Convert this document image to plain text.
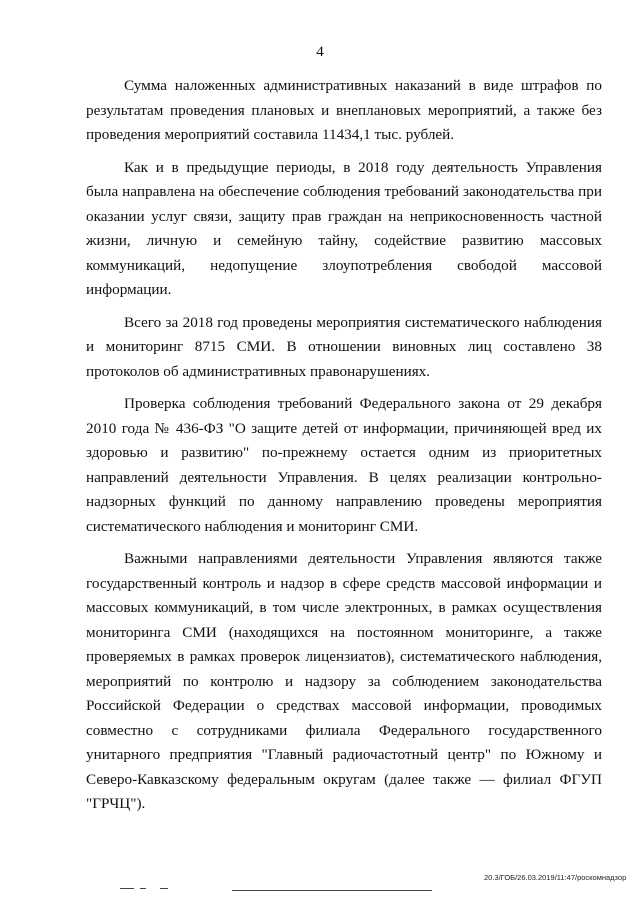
4

Сумма наложенных административных наказаний в виде штрафов по результатам проведения плановых и внеплановых мероприятий, а также без проведения мероприятий составила 11434,1 тыс. рублей.

Как и в предыдущие периоды, в 2018 году деятельность Управления была направлена на обеспечение соблюдения требований законодательства при оказании услуг связи, защиту прав граждан на неприкосновенность частной жизни, личную и семейную тайну, содействие развитию массовых коммуникаций, недопущение злоупотребления свободой массовой информации.

Всего за 2018 год проведены мероприятия систематического наблюдения и мониторинг 8715 СМИ. В отношении виновных лиц составлено 38 протоколов об административных правонарушениях.

Проверка соблюдения требований Федерального закона от 29 декабря 2010 года № 436-ФЗ "О защите детей от информации, причиняющей вред их здоровью и развитию" по-прежнему остается одним из приоритетных направлений деятельности Управления. В целях реализации контрольно-надзорных функций по данному направлению проведены мероприятия систематического наблюдения и мониторинг СМИ.

Важными направлениями деятельности Управления являются также государственный контроль и надзор в сфере средств массовой информации и массовых коммуникаций, в том числе электронных, в рамках осуществления мониторинга СМИ (находящихся на постоянном мониторинге, а также проверяемых в рамках проверок лицензиатов), систематического наблюдения, мероприятий по контролю и надзору за соблюдением законодательства Российской Федерации о средствах массовой информации, проводимых совместно с сотрудниками филиала Федерального государственного унитарного предприятия "Главный радиочастотный центр" по Южному и Северо-Кавказскому федеральным округам (далее также — филиал ФГУП "ГРЧЦ").

20.3/ГОБ/26.03.2019/11:47/роскомнадзор
